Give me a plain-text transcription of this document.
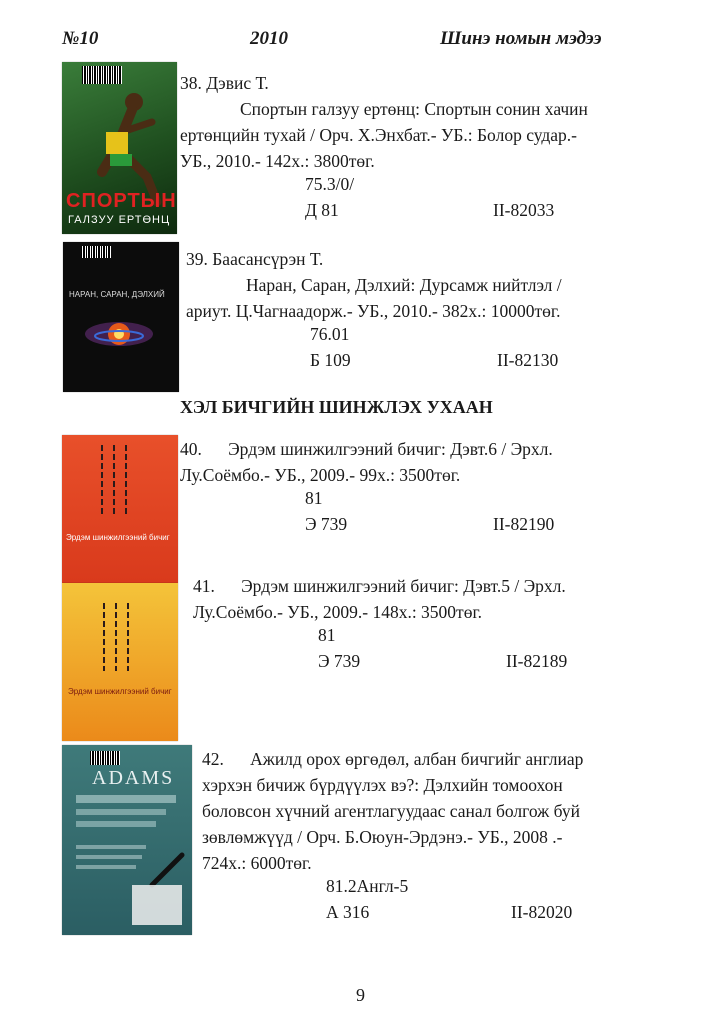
№10	2010	Шинэ номын мэдээ
СПОРТЫН
ГАЛЗУУ ЕРТӨНЦ
НАРАН, САРАН, ДЭЛХИЙ
Эрдэм шинжилгээний бичиг
Эрдэм шинжилгээний бичиг
ADAMS

38. Дэвис Т.

Спортын галзуу ертөнц: Спортын сонин хачин

ертөнцийн тухай / Орч. Х.Энхбат.- УБ.: Болор судар.-

УБ., 2010.- 142х.: 3800төг.

75.3/0/
Д 81	II-82033

39. Баасансүрэн Т.

Наран, Саран, Дэлхий: Дурсамж нийтлэл /

ариут. Ц.Чагнаадорж.- УБ., 2010.- 382х.: 10000төг.

76.01
Б 109	II-82130
ХЭЛ БИЧГИЙН ШИНЖЛЭХ УХААН

40.      Эрдэм шинжилгээний бичиг: Дэвт.6 / Эрхл.

Лу.Соёмбо.- УБ., 2009.- 99х.: 3500төг.

81
Э 739	II-82190

41.      Эрдэм шинжилгээний бичиг: Дэвт.5 / Эрхл.

Лу.Соёмбо.- УБ., 2009.- 148х.: 3500төг.

81
Э 739	II-82189

42.      Ажилд орох өргөдөл, албан бичгийг англиар

хэрхэн бичиж бүрдүүлэх вэ?: Дэлхийн томоохон

боловсон хүчний агентлагуудаас санал болгож буй

зөвлөмжүүд / Орч. Б.Оюун-Эрдэнэ.- УБ., 2008 .-

724х.: 6000төг.

81.2Англ-5
А 316	II-82020
9
